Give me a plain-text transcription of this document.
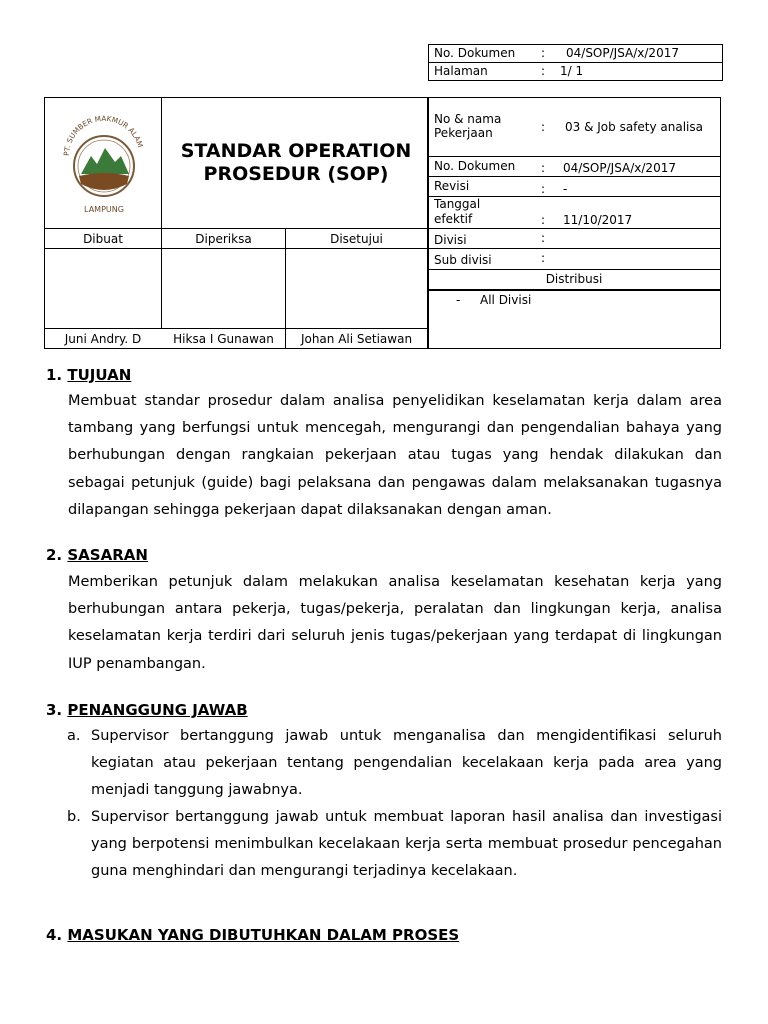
No. Dokumen : 04/SOP/JSA/x/2017
Halaman	: 1/ 1
PT. SUMBER MAKMUR ALAM
LAMPUNG
STANDAR OPERATION
PROSEDUR (SOP)
No & nama Pekerjaan	: 03 & Job safety analisa
No. Dokumen : 04/SOP/JSA/x/2017
Revisi	: -
Tanggal efektif	: 11/10/2017
Divisi	:
Sub divisi	:
Distribusi
- All Divisi
Dibuat	Diperiksa	Disetujui
Juni Andry. D	Hiksa I Gunawan	Johan Ali Setiawan
1. TUJUAN
Membuat standar prosedur dalam analisa penyelidikan keselamatan kerja dalam area tambang yang berfungsi untuk mencegah, mengurangi dan pengendalian bahaya yang berhubungan dengan rangkaian pekerjaan atau tugas yang hendak dilakukan dan sebagai petunjuk (guide) bagi pelaksana dan pengawas dalam melaksanakan tugasnya dilapangan sehingga pekerjaan dapat dilaksanakan dengan aman.
2. SASARAN
Memberikan petunjuk dalam melakukan analisa keselamatan kesehatan kerja yang berhubungan antara pekerja, tugas/pekerja, peralatan dan lingkungan kerja, analisa keselamatan kerja terdiri dari seluruh jenis tugas/pekerjaan yang terdapat di lingkungan IUP penambangan.
3. PENANGGUNG JAWAB
a. Supervisor bertanggung jawab untuk menganalisa dan mengidentifikasi seluruh kegiatan atau pekerjaan tentang pengendalian kecelakaan kerja pada area yang menjadi tanggung jawabnya.
b. Supervisor bertanggung jawab untuk membuat laporan hasil analisa dan investigasi yang berpotensi menimbulkan kecelakaan kerja serta membuat prosedur pencegahan guna menghindari dan mengurangi terjadinya kecelakaan.
4. MASUKAN YANG DIBUTUHKAN DALAM PROSES
